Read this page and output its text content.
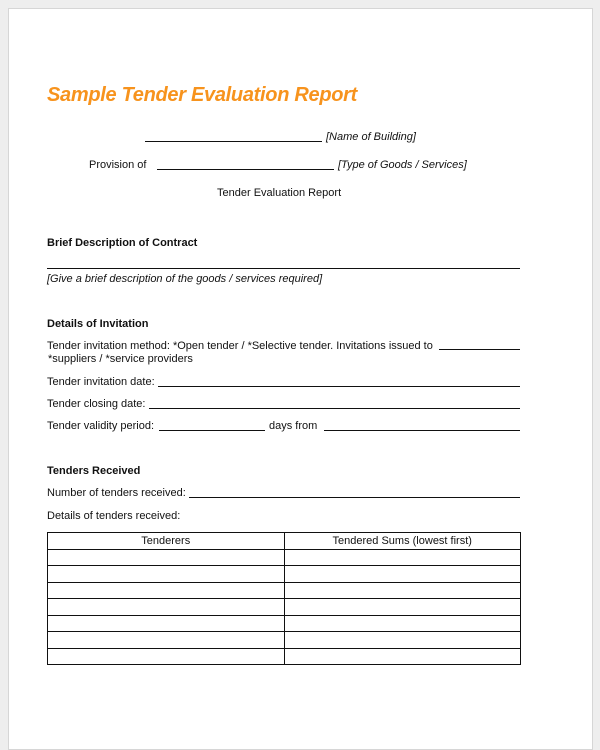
Sample Tender Evaluation Report
[Name of Building]
Provision of	[Type of Goods / Services]
Tender Evaluation Report
Brief Description of Contract
[Give a brief description of the goods / services required]
Details of Invitation
Tender invitation method: *Open tender / *Selective tender. Invitations issued to
*suppliers / *service providers
Tender invitation date:
Tender closing date:
Tender validity period:	days from
Tenders Received
Number of tenders received:
Details of tenders received:
Tenderers	Tendered Sums (lowest first)
